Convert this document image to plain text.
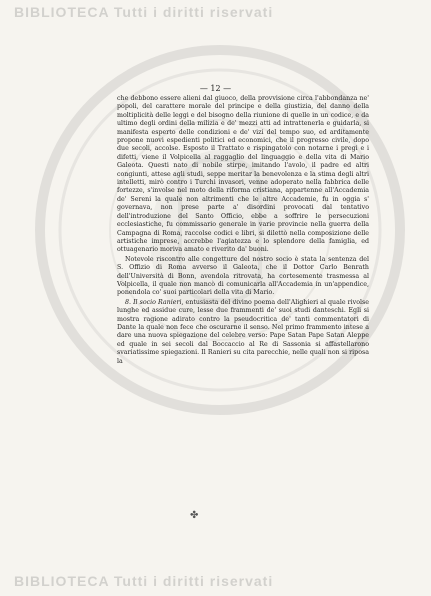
BIBLIOTECA Tutti i diritti riservati
— 12 —

che debbono essere alieni dal giuoco, della provvisione circa l'abbondanza ne' popoli, del carattere morale del principe e della giustizia, del danno della moltiplicità delle leggi e del bisogno della riunione di quelle in un codice, e da ultimo degli ordini della milizia e de' mezzi atti ad intrattenerla e guidarla, si manifesta esperto delle condizioni e de' vizi del tempo suo, ed arditamente propone nuovi espedienti politici ed economici, che il progresso civile, dopo due secoli, accolse. Esposto il Trattato e rispingatolo con notarne i pregi e i difetti, viene il Volpicella al raggaglio del linguaggio e della vita di Mario Galeota. Questi nato di nobile stirpe, imitando l'avolo, il padre ed altri congiunti, attese agli studi, seppe meritar la benevolenza e la stima degli altri intelletti, mirò contro i Turchi invasori, venne adoperato nella fabbrica delle fortezze, s'involse nel moto della riforma cristiana, appartenne all'Accademia de' Sereni la quale non altrimenti che le altre Accademie, fu in oggia s' governava, non prese parte a' disordini provocati dal tentativo dell'introduzione del Santo Officio, ebbe a soffrire le persecuzioni ecclesiastiche, fu commissario generale in varie provincie nella guerra della Campagna di Roma, raccolse codici e libri, si dilettò nella composizione delle artistiche imprese, accrebbe l'agiatezza e lo splendore della famiglia, ed ottuagenario moriva amato e riverito da' buoni.

Notevole riscontro alle congetture del nostro socio è stata la sentenza del S. Offizio di Roma avverso il Galeota, che il Dottor Carlo Benrath dell'Università di Bonn, avendola ritrovata, ha cortesemente trasmessa al Volpicella, il quale non mancò di comunicarla all'Accademia in un'appendice, ponendola co' suoi particolari della vita di Mario.

8. Il socio Ranieri, entusiasta del divino poema dell'Alighieri al quale rivolse lunghe ed assidue cure, lesse due frammenti de' suoi studi danteschi. Egli si mostra ragione adirato contro la pseudocritica de' tanti commentatori di Dante la quale non fece che oscurarne il senso. Nel primo frammento intese a dare una nuova spiegazione del celebre verso: Pape Satan Pape Satan Aleppe ed quale in sei secoli dal Boccaccio al Re di Sassonia si affastellarono svariatissime spiegazioni. Il Ranieri su cita parecchie, nelle quali non si riposa la

✤
BIBLIOTECA Tutti i diritti riservati
